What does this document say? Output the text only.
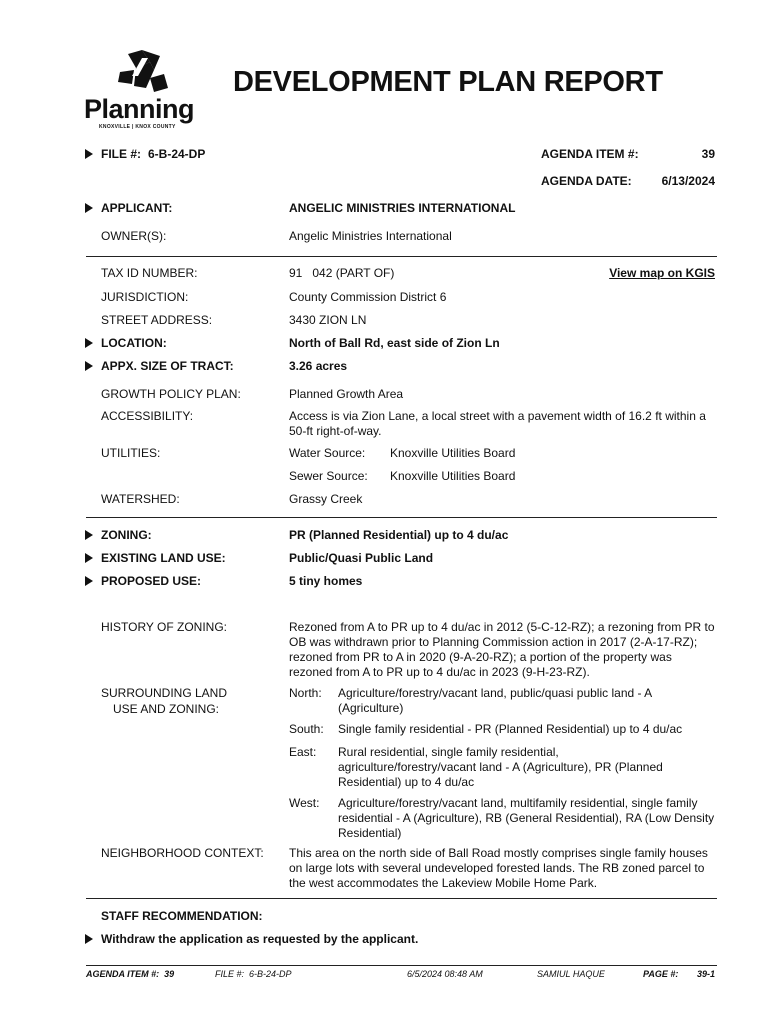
Planning
KNOXVILLE | KNOX COUNTY
DEVELOPMENT PLAN REPORT
FILE #: 6-B-24-DP	AGENDA ITEM #:	39
AGENDA DATE: 6/13/2024
APPLICANT:	ANGELIC MINISTRIES INTERNATIONAL
OWNER(S):	Angelic Ministries International
TAX ID NUMBER:	91   042 (PART OF)	View map on KGIS
JURISDICTION:	County Commission District 6
STREET ADDRESS:	3430 ZION LN
LOCATION:	North of Ball Rd, east side of Zion Ln
APPX. SIZE OF TRACT:	3.26 acres
GROWTH POLICY PLAN:	Planned Growth Area
ACCESSIBILITY:	Access is via Zion Lane, a local street with a pavement width of 16.2 ft within a 50-ft right-of-way.
UTILITIES:	Water Source: Knoxville Utilities Board
Sewer Source: Knoxville Utilities Board
WATERSHED:	Grassy Creek
ZONING:	PR (Planned Residential) up to 4 du/ac
EXISTING LAND USE:	Public/Quasi Public Land
PROPOSED USE:	5 tiny homes
HISTORY OF ZONING:	Rezoned from A to PR up to 4 du/ac in 2012 (5-C-12-RZ); a rezoning from PR to OB was withdrawn prior to Planning Commission action in 2017 (2-A-17-RZ); rezoned from PR to A in 2020 (9-A-20-RZ); a portion of the property was rezoned from A to PR up to 4 du/ac in 2023 (9-H-23-RZ).
SURROUNDING LAND
USE AND ZONING:
North: Agriculture/forestry/vacant land, public/quasi public land - A (Agriculture)
South: Single family residential - PR (Planned Residential) up to 4 du/ac
East: Rural residential, single family residential, agriculture/forestry/vacant land - A (Agriculture), PR (Planned Residential) up to 4 du/ac
West: Agriculture/forestry/vacant land, multifamily residential, single family residential - A (Agriculture), RB (General Residential), RA (Low Density Residential)
NEIGHBORHOOD CONTEXT: This area on the north side of Ball Road mostly comprises single family houses on large lots with several undeveloped forested lands. The RB zoned parcel to the west accommodates the Lakeview Mobile Home Park.
STAFF RECOMMENDATION:
Withdraw the application as requested by the applicant.
AGENDA ITEM #:  39	FILE #:  6-B-24-DP	6/5/2024 08:48 AM	SAMIUL HAQUE	PAGE #: 39-1
